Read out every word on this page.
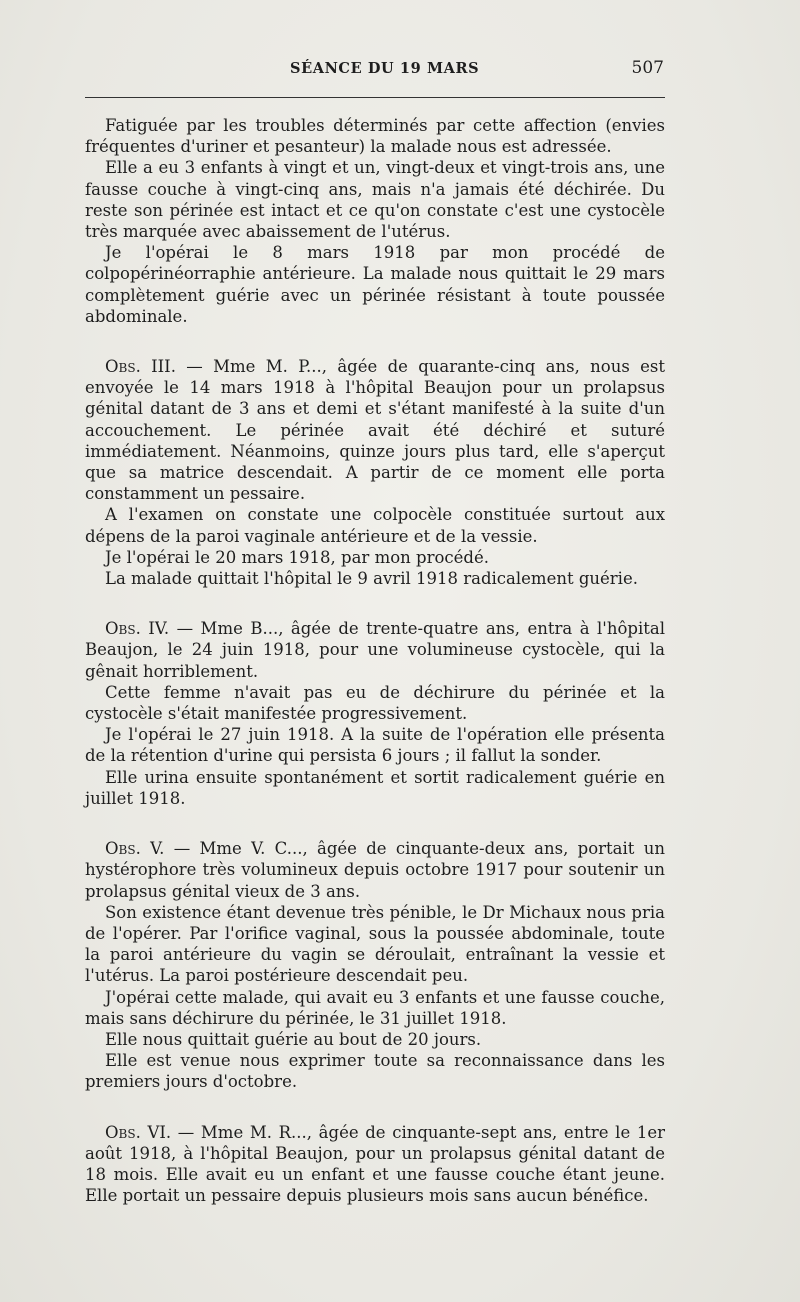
SÉANCE DU 19 MARS	507

Fatiguée par les troubles déterminés par cette affection (envies fréquentes d'uriner et pesanteur) la malade nous est adressée.

Elle a eu 3 enfants à vingt et un, vingt-deux et vingt-trois ans, une fausse couche à vingt-cinq ans, mais n'a jamais été déchirée. Du reste son périnée est intact et ce qu'on constate c'est une cystocèle très marquée avec abaissement de l'utérus.

Je l'opérai le 8 mars 1918 par mon procédé de colpopérinéorraphie antérieure. La malade nous quittait le 29 mars complètement guérie avec un périnée résistant à toute poussée abdominale.

Obs. III. — Mme M. P..., âgée de quarante-cinq ans, nous est envoyée le 14 mars 1918 à l'hôpital Beaujon pour un prolapsus génital datant de 3 ans et demi et s'étant manifesté à la suite d'un accouchement. Le périnée avait été déchiré et suturé immédiatement. Néanmoins, quinze jours plus tard, elle s'aperçut que sa matrice descendait. A partir de ce moment elle porta constamment un pessaire.

A l'examen on constate une colpocèle constituée surtout aux dépens de la paroi vaginale antérieure et de la vessie.

Je l'opérai le 20 mars 1918, par mon procédé.

La malade quittait l'hôpital le 9 avril 1918 radicalement guérie.

Obs. IV. — Mme B..., âgée de trente-quatre ans, entra à l'hôpital Beaujon, le 24 juin 1918, pour une volumineuse cystocèle, qui la gênait horriblement.

Cette femme n'avait pas eu de déchirure du périnée et la cystocèle s'était manifestée progressivement.

Je l'opérai le 27 juin 1918. A la suite de l'opération elle présenta de la rétention d'urine qui persista 6 jours ; il fallut la sonder.

Elle urina ensuite spontanément et sortit radicalement guérie en juillet 1918.

Obs. V. — Mme V. C..., âgée de cinquante-deux ans, portait un hystérophore très volumineux depuis octobre 1917 pour soutenir un prolapsus génital vieux de 3 ans.

Son existence étant devenue très pénible, le Dr Michaux nous pria de l'opérer. Par l'orifice vaginal, sous la poussée abdominale, toute la paroi antérieure du vagin se déroulait, entraînant la vessie et l'utérus. La paroi postérieure descendait peu.

J'opérai cette malade, qui avait eu 3 enfants et une fausse couche, mais sans déchirure du périnée, le 31 juillet 1918.

Elle nous quittait guérie au bout de 20 jours.

Elle est venue nous exprimer toute sa reconnaissance dans les premiers jours d'octobre.

Obs. VI. — Mme M. R..., âgée de cinquante-sept ans, entre le 1er août 1918, à l'hôpital Beaujon, pour un prolapsus génital datant de 18 mois. Elle avait eu un enfant et une fausse couche étant jeune. Elle portait un pessaire depuis plusieurs mois sans aucun bénéfice.
